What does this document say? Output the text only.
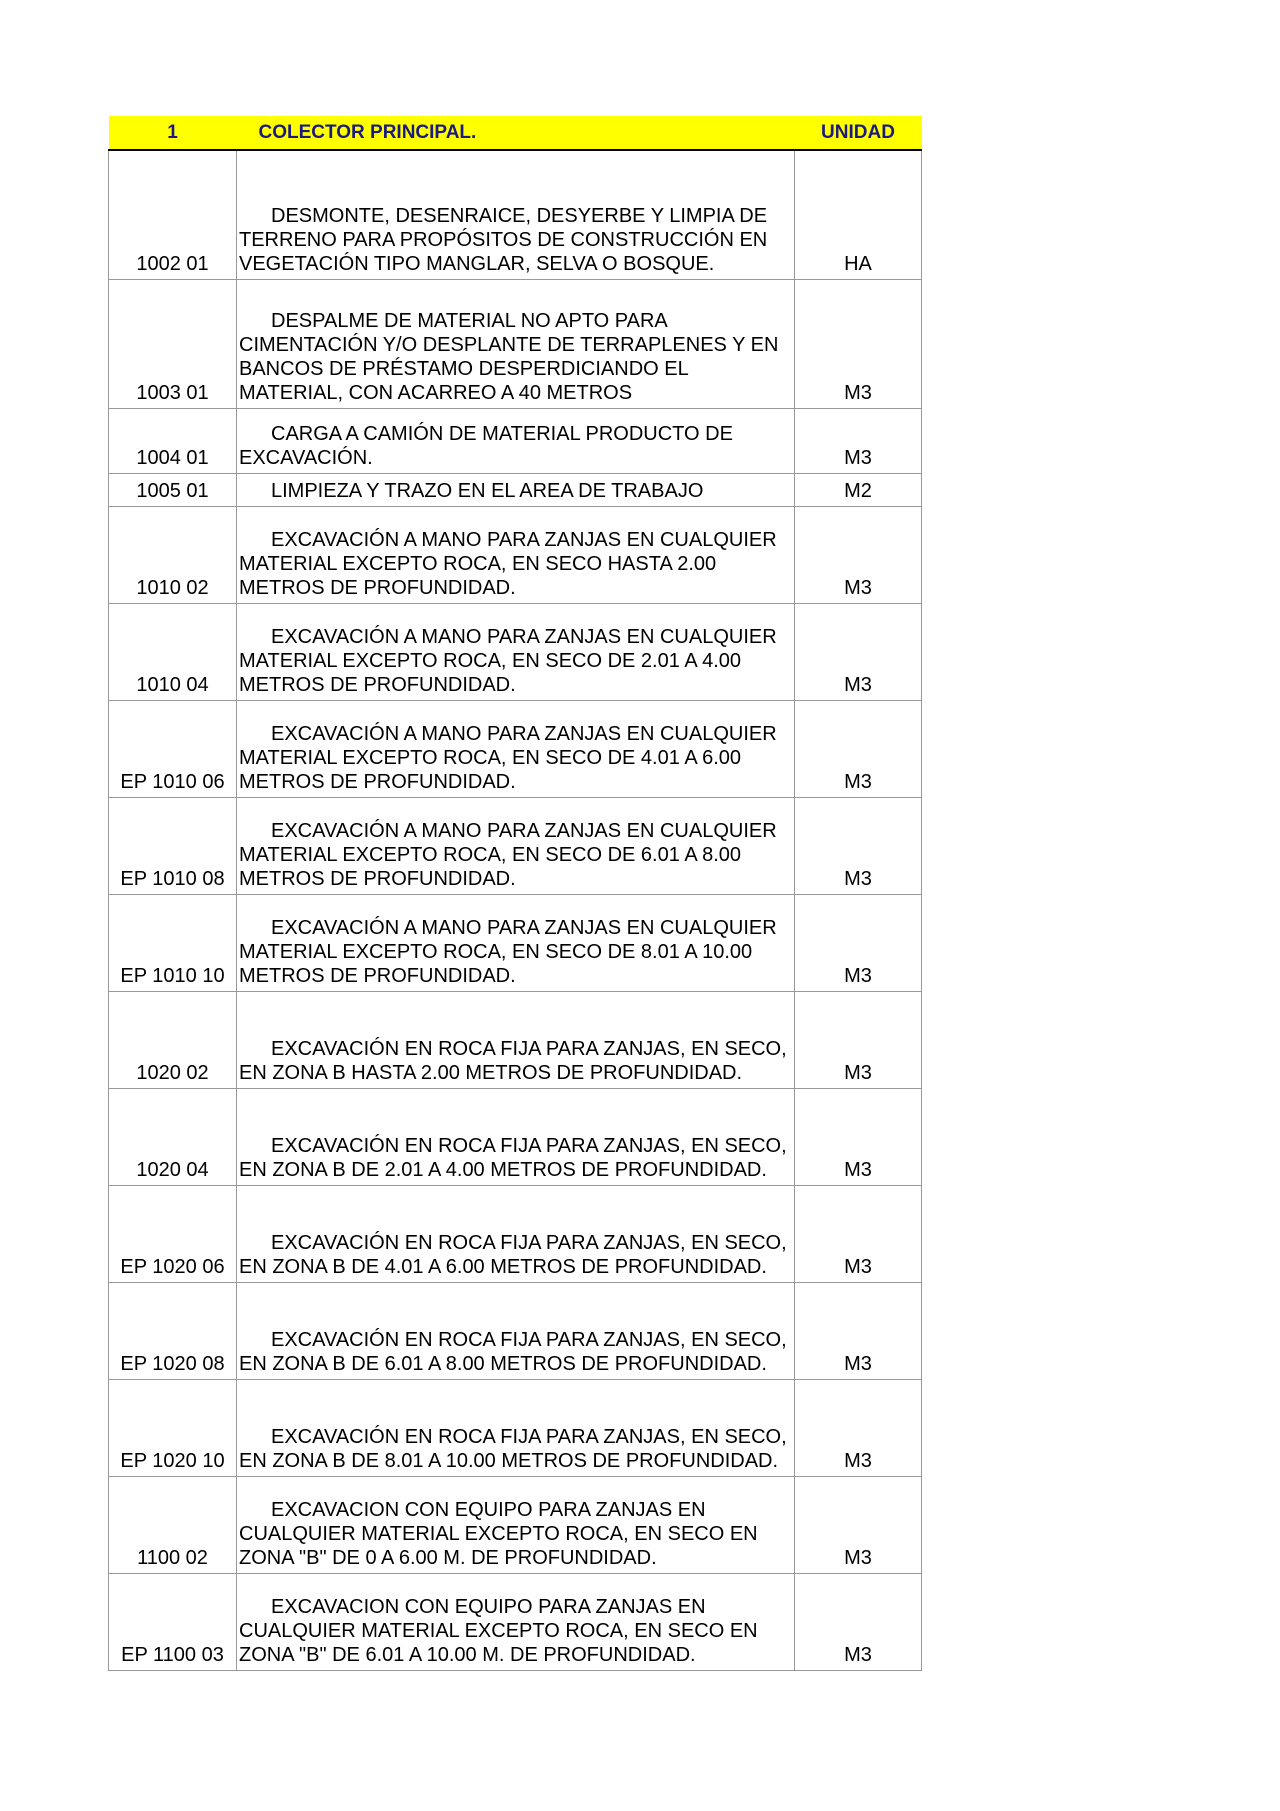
1	COLECTOR PRINCIPAL.	UNIDAD
1002 01	DESMONTE, DESENRAICE, DESYERBE Y LIMPIA DE TERRENO PARA PROPÓSITOS DE CONSTRUCCIÓN EN VEGETACIÓN TIPO MANGLAR, SELVA O BOSQUE.	HA
1003 01	DESPALME DE MATERIAL NO APTO PARA CIMENTACIÓN Y/O DESPLANTE DE TERRAPLENES Y EN BANCOS DE PRÉSTAMO DESPERDICIANDO EL MATERIAL, CON ACARREO A 40 METROS	M3
1004 01	CARGA A CAMIÓN DE MATERIAL PRODUCTO DE EXCAVACIÓN.	M3
1005 01	LIMPIEZA Y TRAZO EN EL AREA DE TRABAJO	M2
1010 02	EXCAVACIÓN A MANO PARA ZANJAS EN CUALQUIER MATERIAL EXCEPTO ROCA, EN SECO HASTA 2.00 METROS DE PROFUNDIDAD.	M3
1010 04	EXCAVACIÓN A MANO PARA ZANJAS EN CUALQUIER MATERIAL EXCEPTO ROCA, EN SECO DE 2.01 A 4.00 METROS DE PROFUNDIDAD.	M3
EP 1010 06	EXCAVACIÓN A MANO PARA ZANJAS EN CUALQUIER MATERIAL EXCEPTO ROCA, EN SECO DE 4.01 A 6.00 METROS DE PROFUNDIDAD.	M3
EP 1010 08	EXCAVACIÓN A MANO PARA ZANJAS EN CUALQUIER MATERIAL EXCEPTO ROCA, EN SECO DE 6.01 A 8.00 METROS DE PROFUNDIDAD.	M3
EP 1010 10	EXCAVACIÓN A MANO PARA ZANJAS EN CUALQUIER MATERIAL EXCEPTO ROCA, EN SECO DE 8.01 A 10.00 METROS DE PROFUNDIDAD.	M3
1020 02	EXCAVACIÓN EN ROCA FIJA PARA ZANJAS, EN SECO, EN ZONA B HASTA 2.00 METROS DE PROFUNDIDAD.	M3
1020 04	EXCAVACIÓN EN ROCA FIJA PARA ZANJAS, EN SECO, EN ZONA B DE 2.01 A 4.00 METROS DE PROFUNDIDAD.	M3
EP 1020 06	EXCAVACIÓN EN ROCA FIJA PARA ZANJAS, EN SECO, EN ZONA B DE 4.01 A 6.00 METROS DE PROFUNDIDAD.	M3
EP 1020 08	EXCAVACIÓN EN ROCA FIJA PARA ZANJAS, EN SECO, EN ZONA B DE 6.01 A 8.00 METROS DE PROFUNDIDAD.	M3
EP 1020 10	EXCAVACIÓN EN ROCA FIJA PARA ZANJAS, EN SECO, EN ZONA B DE 8.01 A 10.00 METROS DE PROFUNDIDAD.	M3
1100 02	EXCAVACION CON EQUIPO PARA ZANJAS EN CUALQUIER MATERIAL EXCEPTO ROCA, EN SECO EN ZONA "B" DE 0 A 6.00 M. DE PROFUNDIDAD.	M3
EP 1100 03	EXCAVACION CON EQUIPO PARA ZANJAS EN CUALQUIER MATERIAL EXCEPTO ROCA, EN SECO EN ZONA "B" DE 6.01 A 10.00 M. DE PROFUNDIDAD.	M3
